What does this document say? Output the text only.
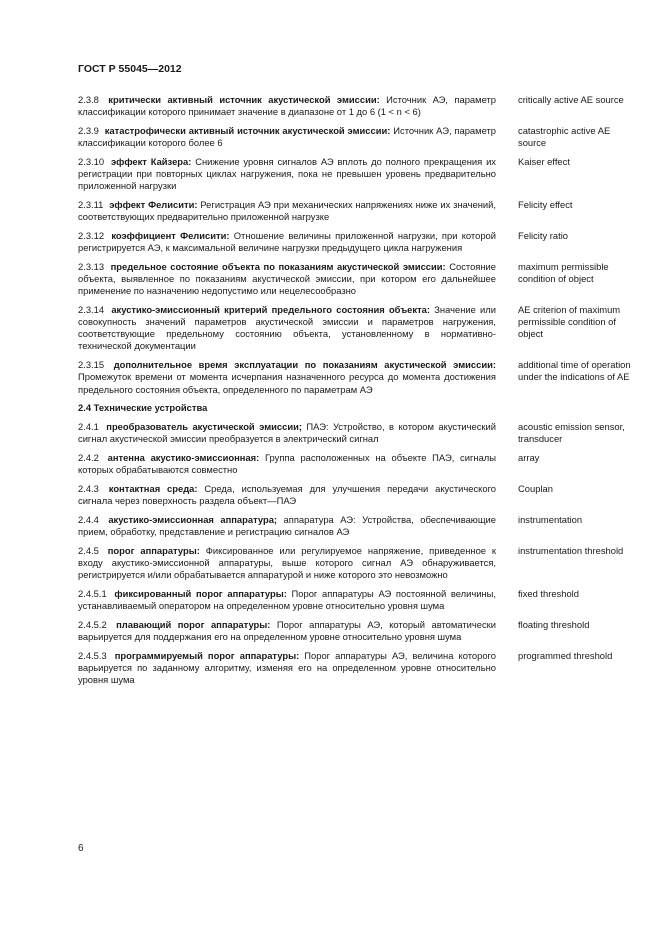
ГОСТ Р 55045—2012
2.3.8 критически активный источник акустической эмиссии: Источник АЭ, параметр классификации которого принимает значение в диапазоне от 1 до 6 (1 < n < 6)
critically active AE source
2.3.9 катастрофически активный источник акустической эмиссии: Источник АЭ, параметр классификации которого более 6
catastrophic active AE source
2.3.10 эффект Кайзера: Снижение уровня сигналов АЭ вплоть до полного прекращения их регистрации при повторных циклах нагружения, пока не превышен уровень предварительно приложенной нагрузки
Kaiser effect
2.3.11 эффект Фелисити: Регистрация АЭ при механических напряжениях ниже их значений, соответствующих предварительно приложенной нагрузке
Felicity effect
2.3.12 коэффициент Фелисити: Отношение величины приложенной нагрузки, при которой регистрируется АЭ, к максимальной величине нагрузки предыдущего цикла нагружения
Felicity ratio
2.3.13 предельное состояние объекта по показаниям акустической эмиссии: Состояние объекта, выявленное по показаниям акустической эмиссии, при котором его дальнейшее применение по назначению недопустимо или нецелесообразно
maximum permissible condition of object
2.3.14 акустико-эмиссионный критерий предельного состояния объекта: Значение или совокупность значений параметров акустической эмиссии и параметров нагружения, соответствующие предельному состоянию объекта, установленному в нормативно-технической документации
AE criterion of maximum permissible condition of object
2.3.15 дополнительное время эксплуатации по показаниям акустической эмиссии: Промежуток времени от момента исчерпания назначенного ресурса до момента достижения предельного состояния объекта, определенного по параметрам АЭ
additional time of operation under the indications of AE
2.4 Технические устройства
2.4.1 преобразователь акустической эмиссии; ПАЭ: Устройство, в котором акустический сигнал акустической эмиссии преобразуется в электрический сигнал
acoustic emission sensor, transducer
2.4.2 антенна акустико-эмиссионная: Группа расположенных на объекте ПАЭ, сигналы которых обрабатываются совместно
array
2.4.3 контактная среда: Среда, используемая для улучшения передачи акустического сигнала через поверхность раздела объект—ПАЭ
Couplan
2.4.4 акустико-эмиссионная аппаратура; аппаратура АЭ: Устройства, обеспечивающие прием, обработку, представление и регистрацию сигналов АЭ
instrumentation
2.4.5 порог аппаратуры: Фиксированное или регулируемое напряжение, приведенное к входу акустико-эмиссионной аппаратуры, выше которого сигнал АЭ обнаруживается, регистрируется и/или обрабатывается аппаратурой и ниже которого это невозможно
instrumentation threshold
2.4.5.1 фиксированный порог аппаратуры: Порог аппаратуры АЭ постоянной величины, устанавливаемый оператором на определенном уровне относительно уровня шума
fixed threshold
2.4.5.2 плавающий порог аппаратуры: Порог аппаратуры АЭ, который автоматически варьируется для поддержания его на определенном уровне относительно уровня шума
floating threshold
2.4.5.3 программируемый порог аппаратуры: Порог аппаратуры АЭ, величина которого варьируется по заданному алгоритму, изменяя его на определенном уровне относительно уровня шума
programmed threshold
6
